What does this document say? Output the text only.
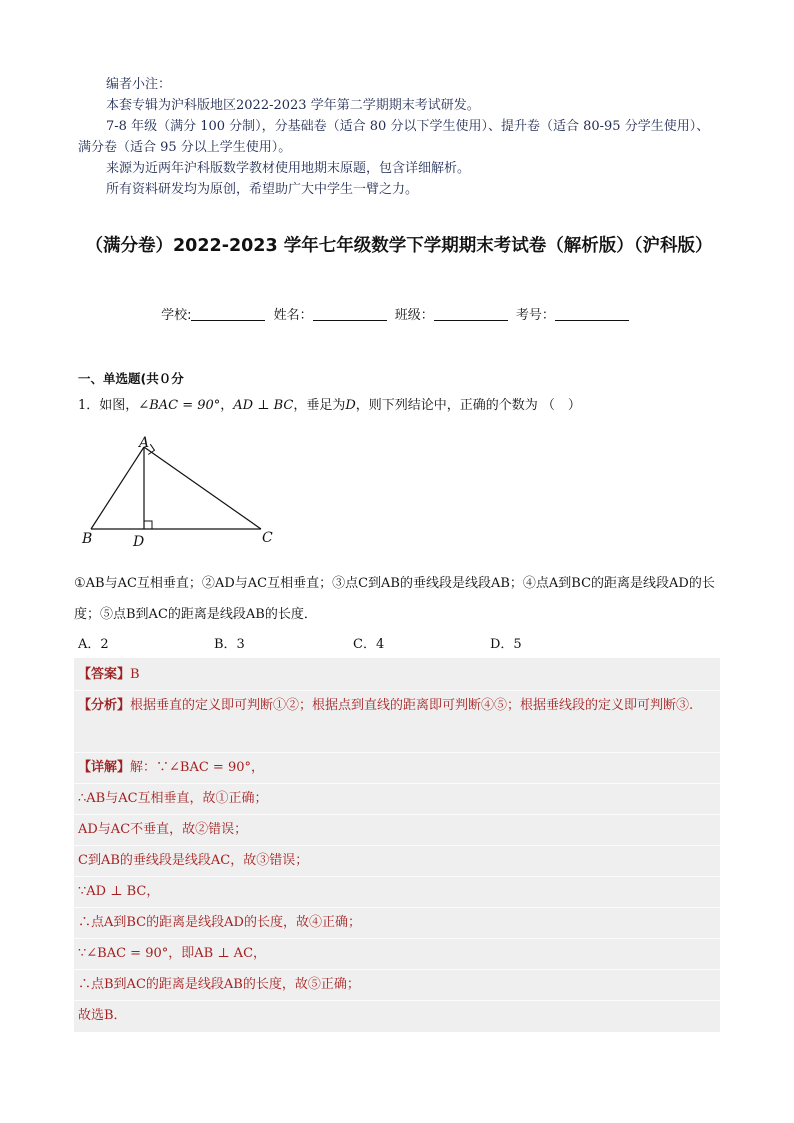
编者小注：

本套专辑为沪科版地区2022-2023 学年第二学期期末考试研发。

7-8 年级（满分 100 分制），分基础卷（适合 80 分以下学生使用）、提升卷（适合 80-95 分学生使用）、满分卷（适合 95 分以上学生使用）。

来源为近两年沪科版数学教材使用地期末原题，包含详细解析。

所有资料研发均为原创，希望助广大中学生一臂之力。

（满分卷）2022-2023 学年七年级数学下学期期末考试卷（解析版）（沪科版）
学校:	姓名：	班级：	考号：
一、单选题(共０分
1．如图，∠BAC = 90°，AD ⊥ BC，垂足为D，则下列结论中，正确的个数为 （　）
A
B	D	C
①AB与AC互相垂直；②AD与AC互相垂直；③点C到AB的垂线段是线段AB；④点A到BC的距离是线段AD的长度；⑤点B到AC的距离是线段AB的长度．
A．2	B．3	C．4	D．5
【答案】B
【分析】根据垂直的定义即可判断①②；根据点到直线的距离即可判断④⑤；根据垂线段的定义即可判断③.
【详解】解：∵∠BAC = 90°，
∴AB与AC互相垂直，故①正确；
AD与AC不垂直，故②错误；
C到AB的垂线段是线段AC，故③错误；
∵AD ⊥ BC，
∴点A到BC的距离是线段AD的长度，故④正确；
∵∠BAC = 90°，即AB ⊥ AC，
∴点B到AC的距离是线段AB的长度，故⑤正确；
故选B．
